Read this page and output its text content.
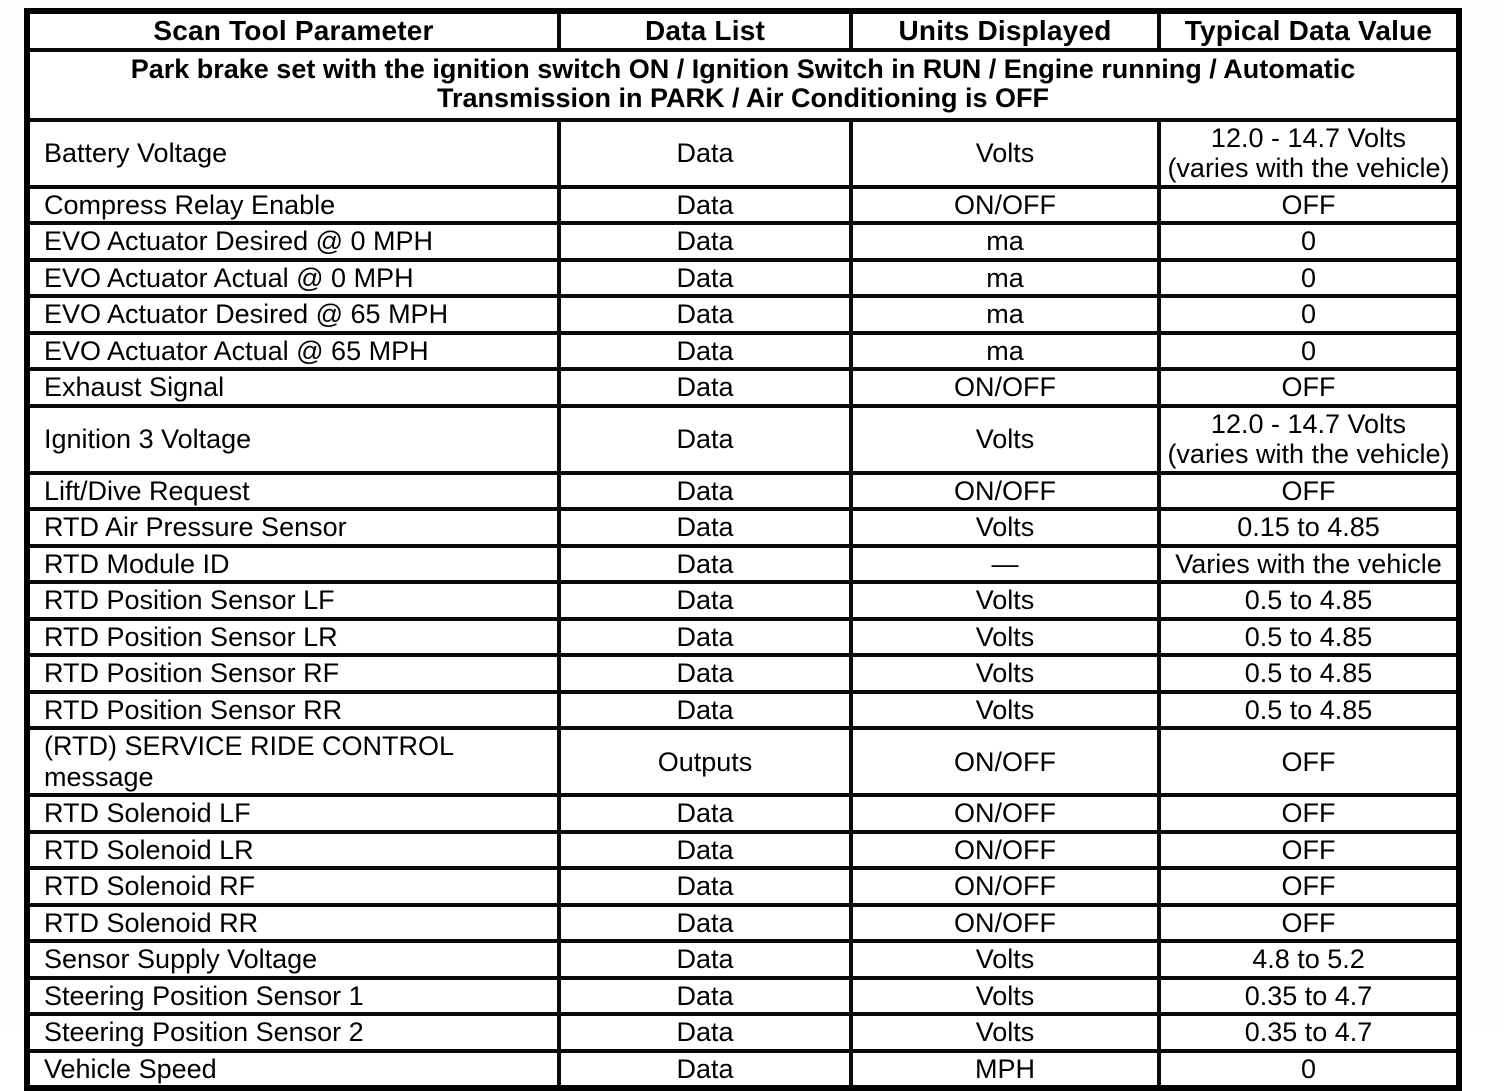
Scan Tool Parameter	Data List	Units Displayed	Typical Data Value
Park brake set with the ignition switch ON / Ignition Switch in RUN / Engine running / Automatic Transmission in PARK / Air Conditioning is OFF			
Battery Voltage	Data	Volts	12.0 - 14.7 Volts (varies with the vehicle)
Compress Relay Enable	Data	ON/OFF	OFF
EVO Actuator Desired @ 0 MPH	Data	ma	0
EVO Actuator Actual @ 0 MPH	Data	ma	0
EVO Actuator Desired @ 65 MPH	Data	ma	0
EVO Actuator Actual @ 65 MPH	Data	ma	0
Exhaust Signal	Data	ON/OFF	OFF
Ignition 3 Voltage	Data	Volts	12.0 - 14.7 Volts (varies with the vehicle)
Lift/Dive Request	Data	ON/OFF	OFF
RTD Air Pressure Sensor	Data	Volts	0.15 to 4.85
RTD Module ID	Data	—	Varies with the vehicle
RTD Position Sensor LF	Data	Volts	0.5 to 4.85
RTD Position Sensor LR	Data	Volts	0.5 to 4.85
RTD Position Sensor RF	Data	Volts	0.5 to 4.85
RTD Position Sensor RR	Data	Volts	0.5 to 4.85
(RTD) SERVICE RIDE CONTROL message	Outputs	ON/OFF	OFF
RTD Solenoid LF	Data	ON/OFF	OFF
RTD Solenoid LR	Data	ON/OFF	OFF
RTD Solenoid RF	Data	ON/OFF	OFF
RTD Solenoid RR	Data	ON/OFF	OFF
Sensor Supply Voltage	Data	Volts	4.8 to 5.2
Steering Position Sensor 1	Data	Volts	0.35 to 4.7
Steering Position Sensor 2	Data	Volts	0.35 to 4.7
Vehicle Speed	Data	MPH	0
